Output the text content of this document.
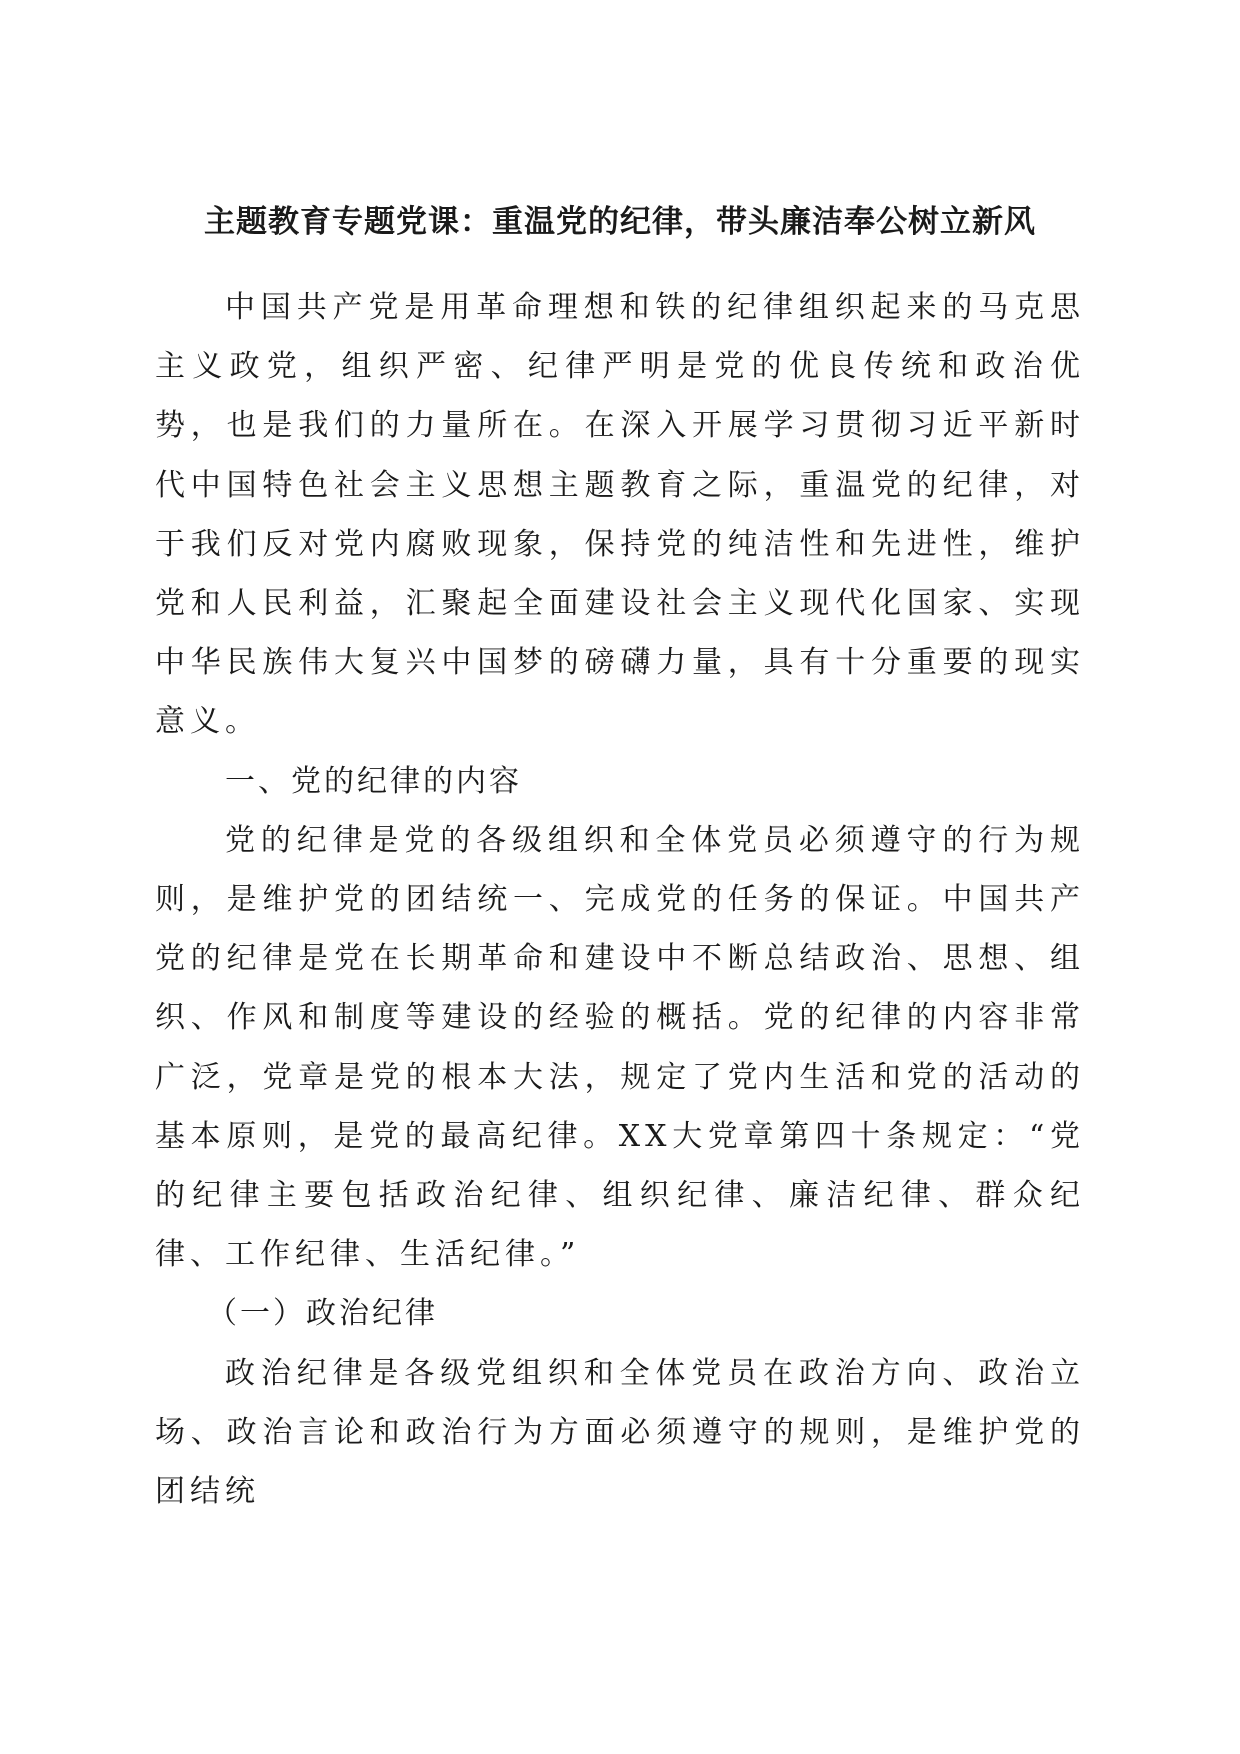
主题教育专题党课：重温党的纪律，带头廉洁奉公树立新风

中国共产党是用革命理想和铁的纪律组织起来的马克思主义政党，组织严密、纪律严明是党的优良传统和政治优势，也是我们的力量所在。在深入开展学习贯彻习近平新时代中国特色社会主义思想主题教育之际，重温党的纪律，对于我们反对党内腐败现象，保持党的纯洁性和先进性，维护党和人民利益，汇聚起全面建设社会主义现代化国家、实现中华民族伟大复兴中国梦的磅礴力量，具有十分重要的现实意义。

一、党的纪律的内容

党的纪律是党的各级组织和全体党员必须遵守的行为规则，是维护党的团结统一、完成党的任务的保证。中国共产党的纪律是党在长期革命和建设中不断总结政治、思想、组织、作风和制度等建设的经验的概括。党的纪律的内容非常广泛，党章是党的根本大法，规定了党内生活和党的活动的基本原则，是党的最高纪律。XX大党章第四十条规定：“党的纪律主要包括政治纪律、组织纪律、廉洁纪律、群众纪律、工作纪律、生活纪律。”

（一）政治纪律

政治纪律是各级党组织和全体党员在政治方向、政治立场、政治言论和政治行为方面必须遵守的规则，是维护党的团结统
